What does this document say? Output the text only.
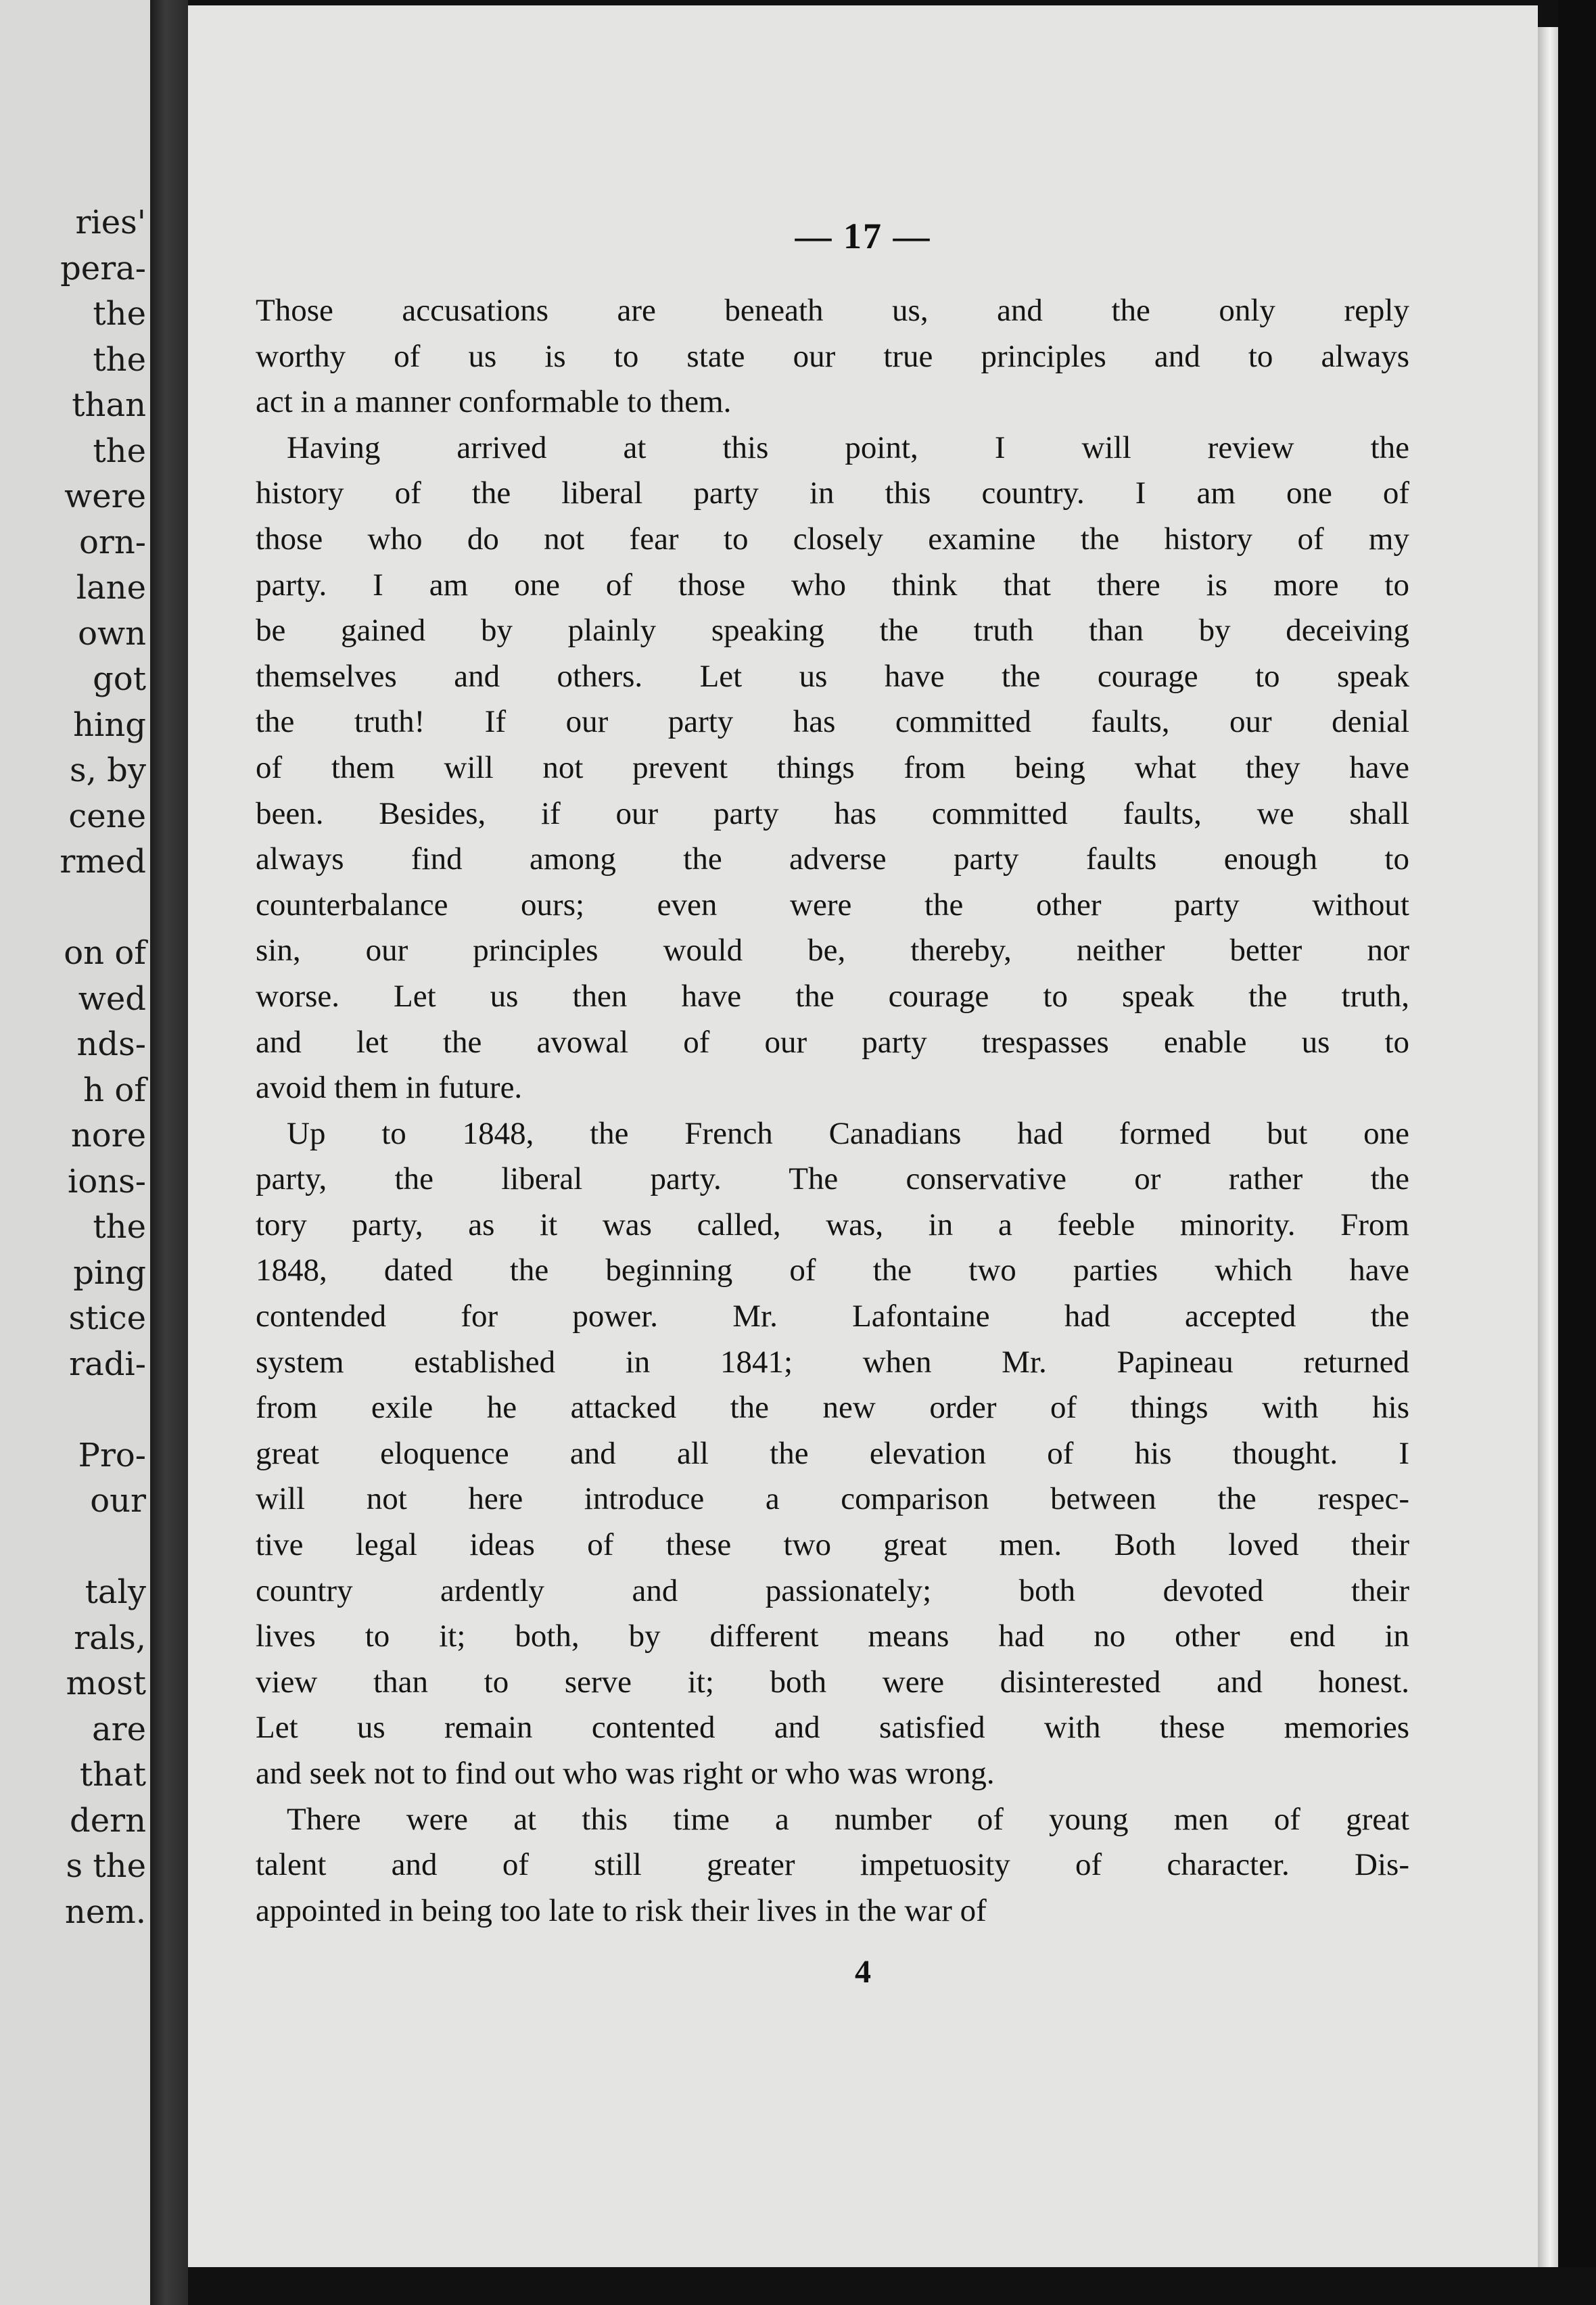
ries'
pera-
the
the
than
the
were
orn-
lane
own
got
hing
s, by
cene
rmed
on of
wed
nds-
h of
nore
ions-
the
ping
stice
radi-
Pro-
our
taly
rals,
most
are
that
dern
s the
nem.
— 17 —

Those accusations are beneath us, and the only reply
worthy of us is to state our true principles and to always
act in a manner conformable to them.

Having arrived at this point, I will review the
history of the liberal party in this country. I am one of
those who do not fear to closely examine the history of my
party. I am one of those who think that there is more to
be gained by plainly speaking the truth than by deceiving
themselves and others. Let us have the courage to speak
the truth! If our party has committed faults, our denial
of them will not prevent things from being what they have
been. Besides, if our party has committed faults, we shall
always find among the adverse party faults enough to
counterbalance ours; even were the other party without
sin, our principles would be, thereby, neither better nor
worse. Let us then have the courage to speak the truth,
and let the avowal of our party trespasses enable us to
avoid them in future.

Up to 1848, the French Canadians had formed but one
party, the liberal party. The conservative or rather the
tory party, as it was called, was, in a feeble minority. From
1848, dated the beginning of the two parties which have
contended for power. Mr. Lafontaine had accepted the
system established in 1841; when Mr. Papineau returned
from exile he attacked the new order of things with his
great eloquence and all the elevation of his thought. I
will not here introduce a comparison between the respec-
tive legal ideas of these two great men. Both loved their
country ardently and passionately; both devoted their
lives to it; both, by different means had no other end in
view than to serve it; both were disinterested and honest.
Let us remain contented and satisfied with these memories
and seek not to find out who was right or who was wrong.

There were at this time a number of young men of great
talent and of still greater impetuosity of character. Dis-
appointed in being too late to risk their lives in the war of

4
